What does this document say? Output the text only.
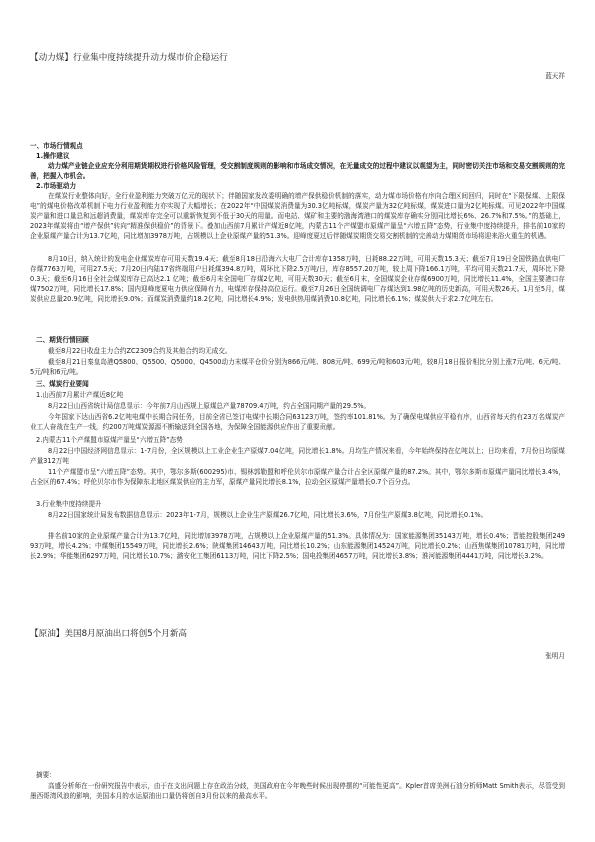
【动力煤】行业集中度持续提升动力煤市价企稳运行
蓝天祥
一、市场行情观点
1.操作建议
动力煤产业链企业应充分利用期货期权进行价格风险管理，受交割制度规则的影响和市场成交情况，在无量成交的过程中建议以观望为主，同时密切关注市场和交易交割规则的完善，把握入市机会。
2.市场驱动力
在煤炭行业整体向好，全行业盈利能力突破万亿元的现状下；伴随国家发改委明确的增产保供稳价机制的落实，动力煤市场价格有序向合理区间回归，同时在“下限保煤、上限保电”的煤电价格改革机制下电力行业盈利能力亦实现了大幅增长；在2022年“中国煤炭消费量为30.3亿吨标煤，煤炭产量为32亿吨标煤，煤炭进口量为2亿吨标煤。可见2022年中国煤炭产量和进口量总和远超消费量，煤炭库存完全可以重新恢复到不低于30天的用量。而电站、煤矿和主要的渤海湾港口的煤炭库存确实分别同比增长6%、26.7%和7.5%。”的基础上，2023年煤炭将由“增产保供”转向“精准保供稳价”的背景下。叠加山西前7月累计产煤近8亿吨，内蒙古11个产煤盟市原煤产量呈“六增五降”态势，行业集中度持续提升，排名前10家的企业原煤产量合计为13.7亿吨，同比增加3978万吨，占规模以上企业原煤产量的51.3%。迎峰度夏过后伴随煤炭期货交易交割机制的完善动力煤期货市场将迎来浴火重生的机遇。
8月10日，纳入统计的发电企业煤炭库存可用天数19.4天；截至8月18日沿海六大电厂合计库存1358万吨，日耗88.22万吨，可用天数15.3天；截至7月19日全国铁路直供电厂存煤7763万吨，可用27.5天；7月20日内陆17省终端用户日耗煤394.8万吨，周环比下降2.5万吨/日，库存8557.20万吨，较上周下降166.1万吨，平均可用天数21.7天，周环比下降0.3天；截至6月16日全社会煤炭库存已高达2.1 亿吨；截至6月末全国电厂存煤2亿吨，可用天数30天；截至6月末，全国煤炭企业存煤6900万吨，同比增长11.4%，全国主要港口存煤7502万吨，同比增长17.8%；国内迎峰度夏电力供应保障有力，电煤库存保持高位运行。截至7月26日全国统调电厂存煤达到1.98亿吨的历史新高，可用天数26天。1月至5月，煤炭供应总量20.9亿吨，同比增长9.0%；而煤炭消费量约18.2亿吨，同比增长4.9%；发电供热用煤消费10.8亿吨，同比增长6.1%；煤炭供大于求2.7亿吨左右。
二、期货行情回顾
截至8月22日收盘主力合约ZC2309合约及其他合约均无成交。
截至8月21日秦皇岛港Q5800、Q5500、Q5000、Q4500动力末煤平仓价分别为866元/吨、808元/吨、699元/吨和603元/吨，较8月18日报价相比分别上涨7元/吨、6元/吨、5元/吨和6元/吨。
三、煤炭行业要闻
1.山西前7月累计产煤近8亿吨
8月22日山西省统计局信息显示：今年前7月山西规上原煤总产量78709.4万吨，约占全国同期产量的29.5%。
今年国家下达山西省6.2亿吨电煤中长期合同任务，目前全省已签订电煤中长期合同63123万吨，签约率101.81%。为了确保电煤供应平稳有序，山西省每天约有23万名煤炭产业工人奋战在生产一线，约200万吨煤炭源源不断输送到全国各地，为保障全国能源供应作出了重要贡献。
2.内蒙古11个产煤盟市原煤产量呈“六增五降”态势
8月22日中国经济网信息显示：1-7月份，全区规模以上工业企业生产原煤7.04亿吨，同比增长1.8%。月均生产情况来看，今年始终保持在亿吨以上；日均来看，7月份日均原煤产量312万吨
11个产煤盟市呈“六增五降”态势。其中，鄂尔多斯(600295)市、锡林郭勒盟和呼伦贝尔市原煤产量合计占全区原煤产量的87.2%。其中，鄂尔多斯市原煤产量同比增长3.4%，占全区的67.4%；呼伦贝尔市作为保障东北地区煤炭供应的主力军，原煤产量同比增长8.1%，拉动全区原煤产量增长0.7个百分点。
3.行业集中度持续提升
8月22日国家统计局发布数据信息显示：2023年1-7月，规模以上企业生产原煤26.7亿吨，同比增长3.6%，7月份生产原煤3.8亿吨，同比增长0.1%。
排名前10家的企业原煤产量合计为13.7亿吨，同比增加3978万吨，占规模以上企业原煤产量的51.3%。具体情况为：国家能源集团35143万吨，增长0.4%；晋能控股集团24993万吨，增长4.2%；中煤集团15549万吨，同比增长2.6%；陕煤集团14643万吨，同比增长10.2%；山东能源集团14524万吨，同比增长0.2%；山西焦煤集团10781万吨，同比增长2.9%；华能集团6297万吨，同比增长10.7%；潞安化工集团6113万吨，同比下降2.5%；国电投集团4657万吨，同比增长3.8%；淮河能源集团4441万吨，同比增长3.2%。
【原油】美国8月原油出口将创5个月新高
张明月
摘要：
高盛分析师在一份研究报告中表示，由于在支出问题上存在政治分歧，美国政府在今年晚些时候出现停摆的“可能性更高”。Kpler首席美洲石油分析师Matt Smith表示，尽管受到墨西哥湾风浪的影响，美国本月的水运原油出口量仍将创自3月份以来的最高水平。
